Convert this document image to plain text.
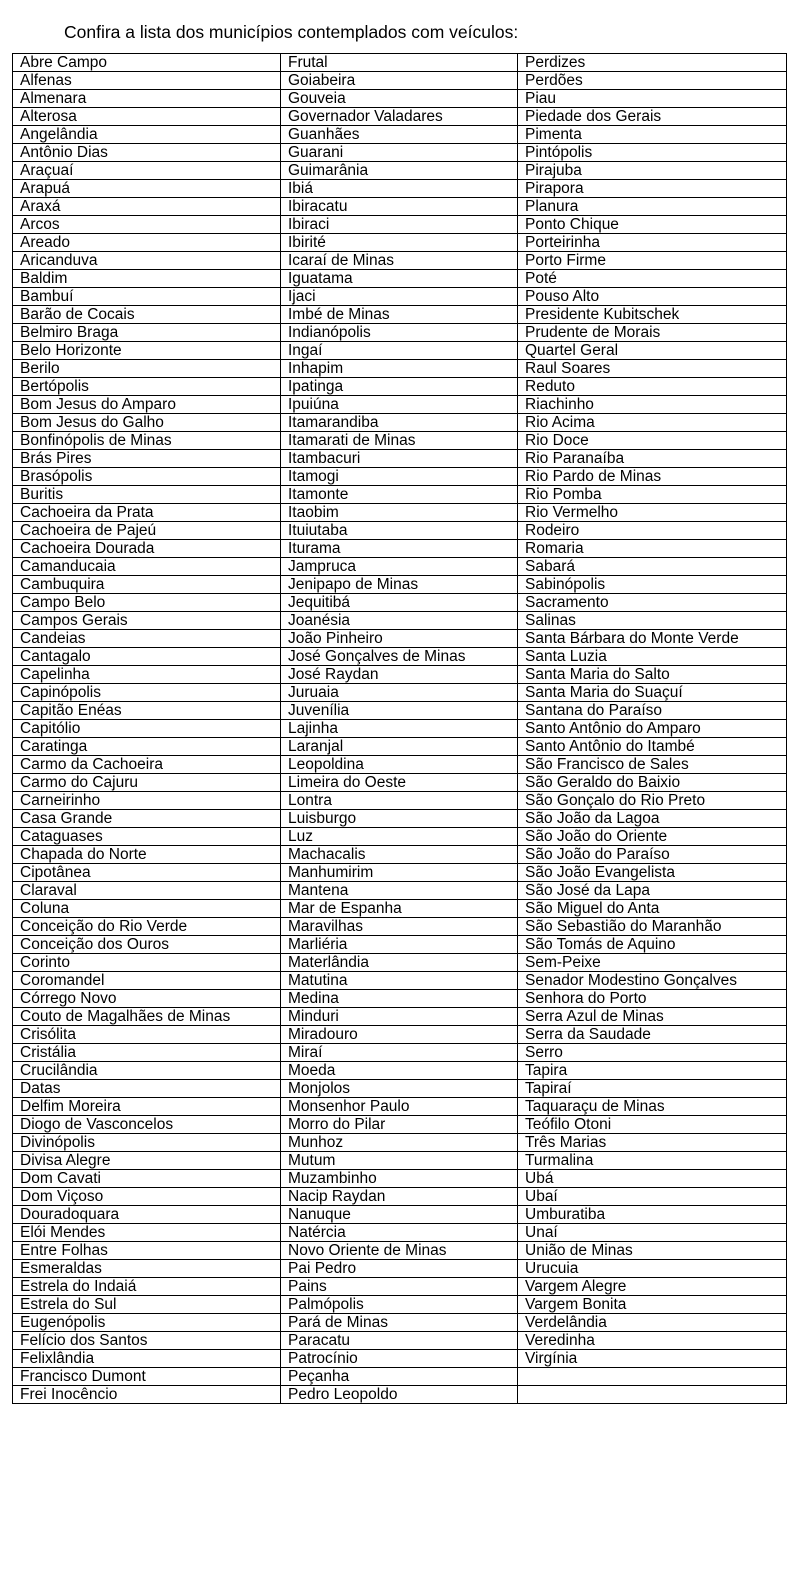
Confira a lista dos municípios contemplados com veículos:
Abre Campo	Frutal	Perdizes
Alfenas	Goiabeira	Perdões
Almenara	Gouveia	Piau
Alterosa	Governador Valadares	Piedade dos Gerais
Angelândia	Guanhães	Pimenta
Antônio Dias	Guarani	Pintópolis
Araçuaí	Guimarânia	Pirajuba
Arapuá	Ibiá	Pirapora
Araxá	Ibiracatu	Planura
Arcos	Ibiraci	Ponto Chique
Areado	Ibirité	Porteirinha
Aricanduva	Icaraí de Minas	Porto Firme
Baldim	Iguatama	Poté
Bambuí	Ijaci	Pouso Alto
Barão de Cocais	Imbé de Minas	Presidente Kubitschek
Belmiro Braga	Indianópolis	Prudente de Morais
Belo Horizonte	Ingaí	Quartel Geral
Berilo	Inhapim	Raul Soares
Bertópolis	Ipatinga	Reduto
Bom Jesus do Amparo	Ipuiúna	Riachinho
Bom Jesus do Galho	Itamarandiba	Rio Acima
Bonfinópolis de Minas	Itamarati de Minas	Rio Doce
Brás Pires	Itambacuri	Rio Paranaíba
Brasópolis	Itamogi	Rio Pardo de Minas
Buritis	Itamonte	Rio Pomba
Cachoeira da Prata	Itaobim	Rio Vermelho
Cachoeira de Pajeú	Ituiutaba	Rodeiro
Cachoeira Dourada	Iturama	Romaria
Camanducaia	Jampruca	Sabará
Cambuquira	Jenipapo de Minas	Sabinópolis
Campo Belo	Jequitibá	Sacramento
Campos Gerais	Joanésia	Salinas
Candeias	João Pinheiro	Santa Bárbara do Monte Verde
Cantagalo	José Gonçalves de Minas	Santa Luzia
Capelinha	José Raydan	Santa Maria do Salto
Capinópolis	Juruaia	Santa Maria do Suaçuí
Capitão Enéas	Juvenília	Santana do Paraíso
Capitólio	Lajinha	Santo Antônio do Amparo
Caratinga	Laranjal	Santo Antônio do Itambé
Carmo da Cachoeira	Leopoldina	São Francisco de Sales
Carmo do Cajuru	Limeira do Oeste	São Geraldo do Baixio
Carneirinho	Lontra	São Gonçalo do Rio Preto
Casa Grande	Luisburgo	São João da Lagoa
Cataguases	Luz	São João do Oriente
Chapada do Norte	Machacalis	São João do Paraíso
Cipotânea	Manhumirim	São João Evangelista
Claraval	Mantena	São José da Lapa
Coluna	Mar de Espanha	São Miguel do Anta
Conceição do Rio Verde	Maravilhas	São Sebastião do Maranhão
Conceição dos Ouros	Marliéria	São Tomás de Aquino
Corinto	Materlândia	Sem-Peixe
Coromandel	Matutina	Senador Modestino Gonçalves
Córrego Novo	Medina	Senhora do Porto
Couto de Magalhães de Minas	Minduri	Serra Azul de Minas
Crisólita	Miradouro	Serra da Saudade
Cristália	Miraí	Serro
Crucilândia	Moeda	Tapira
Datas	Monjolos	Tapiraí
Delfim Moreira	Monsenhor Paulo	Taquaraçu de Minas
Diogo de Vasconcelos	Morro do Pilar	Teófilo Otoni
Divinópolis	Munhoz	Três Marias
Divisa Alegre	Mutum	Turmalina
Dom Cavati	Muzambinho	Ubá
Dom Viçoso	Nacip Raydan	Ubaí
Douradoquara	Nanuque	Umburatiba
Elói Mendes	Natércia	Unaí
Entre Folhas	Novo Oriente de Minas	União de Minas
Esmeraldas	Pai Pedro	Urucuia
Estrela do Indaiá	Pains	Vargem Alegre
Estrela do Sul	Palmópolis	Vargem Bonita
Eugenópolis	Pará de Minas	Verdelândia
Felício dos Santos	Paracatu	Veredinha
Felixlândia	Patrocínio	Virgínia
Francisco Dumont	Peçanha	
Frei Inocêncio	Pedro Leopoldo	
